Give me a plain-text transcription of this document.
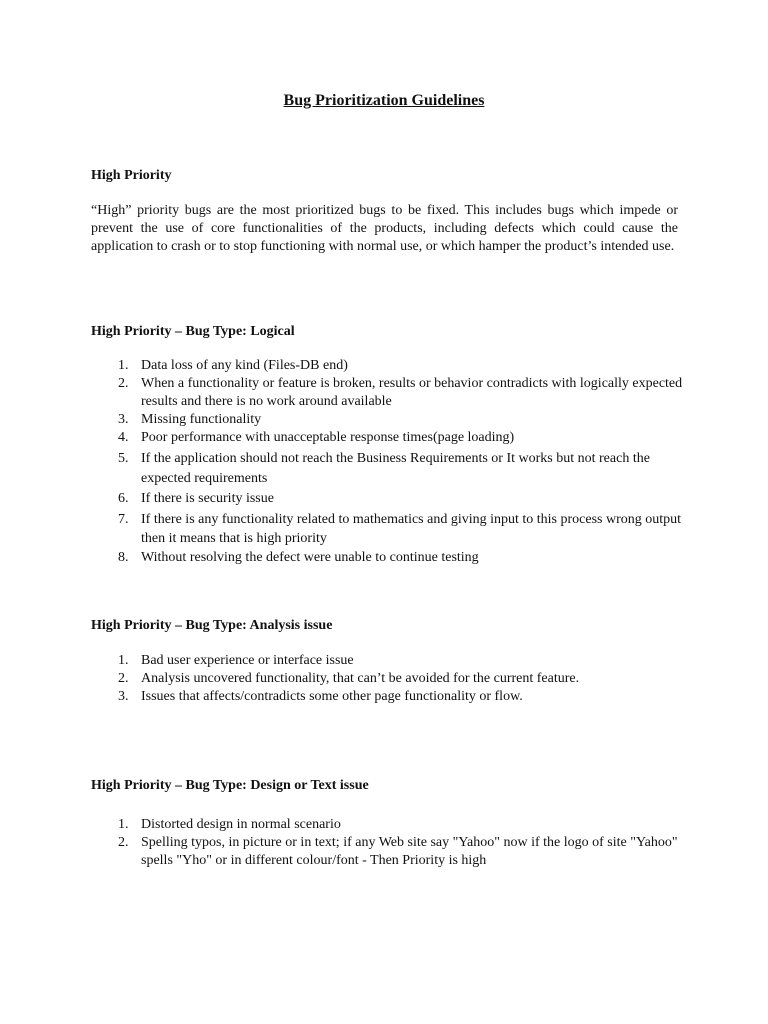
Bug Prioritization Guidelines
High Priority
“High” priority bugs are the most prioritized bugs to be fixed. This includes bugs which impede or prevent the use of core functionalities of the products, including defects which could cause the application to crash or to stop functioning with normal use, or which hamper the product’s intended use.
High Priority – Bug Type: Logical
1. Data loss of any kind (Files-DB end)
2. When a functionality or feature is broken, results or behavior contradicts with logically expected results and there is no work around available
3. Missing functionality
4. Poor performance with unacceptable response times(page loading)
5. If the application should not reach the Business Requirements or It works but not reach the expected requirements
6. If there is security issue
7. If there is any functionality related to mathematics and giving input to this process wrong output then it means that is high priority
8. Without resolving the defect were unable to continue testing
High Priority – Bug Type: Analysis issue
1. Bad user experience or interface issue
2. Analysis uncovered functionality, that can’t be avoided for the current feature.
3. Issues that affects/contradicts some other page functionality or flow.
High Priority – Bug Type: Design or Text issue
1. Distorted design in normal scenario
2. Spelling typos, in picture or in text; if any Web site say "Yahoo" now if the logo of site "Yahoo" spells "Yho" or in different colour/font - Then Priority is high
